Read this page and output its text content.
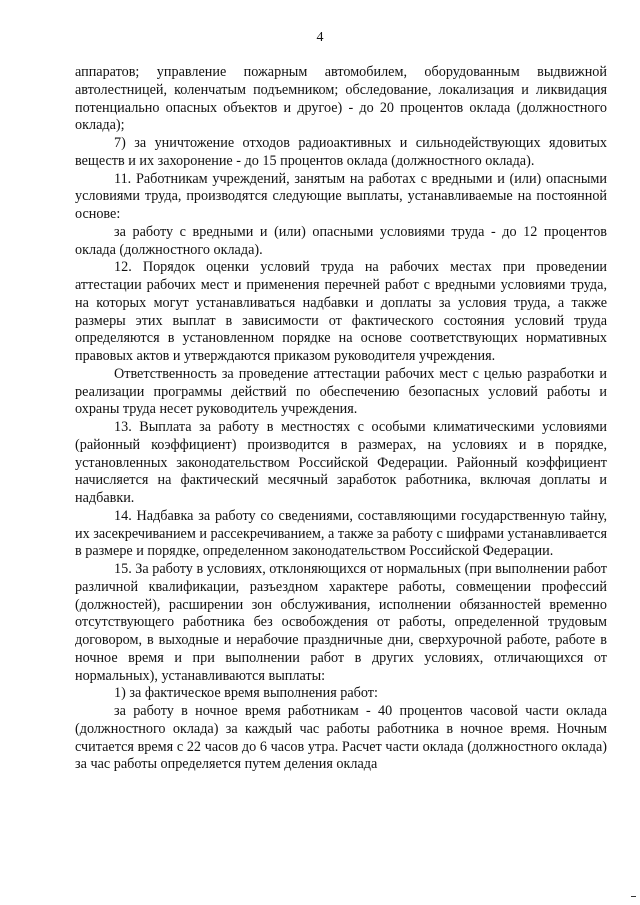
4

аппаратов; управление пожарным автомобилем, оборудованным выдвижной автолестницей, коленчатым подъемником; обследование, локализация и ликвидация потенциально опасных объектов и другое) - до 20 процентов оклада (должностного оклада);

7) за уничтожение отходов радиоактивных и сильнодействующих ядовитых веществ и их захоронение - до 15 процентов оклада (должностного оклада).

11. Работникам учреждений, занятым на работах с вредными и (или) опасными условиями труда, производятся следующие выплаты, устанавливаемые на постоянной основе:

за работу с вредными и (или) опасными условиями труда - до 12 процентов оклада (должностного оклада).

12. Порядок оценки условий труда на рабочих местах при проведении аттестации рабочих мест и применения перечней работ с вредными условиями труда, на которых могут устанавливаться надбавки и доплаты за условия труда, а также размеры этих выплат в зависимости от фактического состояния условий труда определяются в установленном порядке на основе соответствующих нормативных правовых актов и утверждаются приказом руководителя учреждения.

Ответственность за проведение аттестации рабочих мест с целью разработки и реализации программы действий по обеспечению безопасных условий работы и охраны труда несет руководитель учреждения.

13. Выплата за работу в местностях с особыми климатическими условиями (районный коэффициент) производится в размерах, на условиях и в порядке, установленных законодательством Российской Федерации. Районный коэффициент начисляется на фактический месячный заработок работника, включая доплаты и надбавки.

14. Надбавка за работу со сведениями, составляющими государственную тайну, их засекречиванием и рассекречиванием, а также за работу с шифрами устанавливается в размере и порядке, определенном законодательством Российской Федерации.

15. За работу в условиях, отклоняющихся от нормальных (при выполнении работ различной квалификации, разъездном характере работы, совмещении профессий (должностей), расширении зон обслуживания, исполнении обязанностей временно отсутствующего работника без освобождения от работы, определенной трудовым договором, в выходные и нерабочие праздничные дни, сверхурочной работе, работе в ночное время и при выполнении работ в других условиях, отличающихся от нормальных), устанавливаются выплаты:

1) за фактическое время выполнения работ:

за работу в ночное время работникам - 40 процентов часовой части оклада (должностного оклада) за каждый час работы работника в ночное время. Ночным считается время с 22 часов до 6 часов утра. Расчет части оклада (должностного оклада) за час работы определяется путем деления оклада
